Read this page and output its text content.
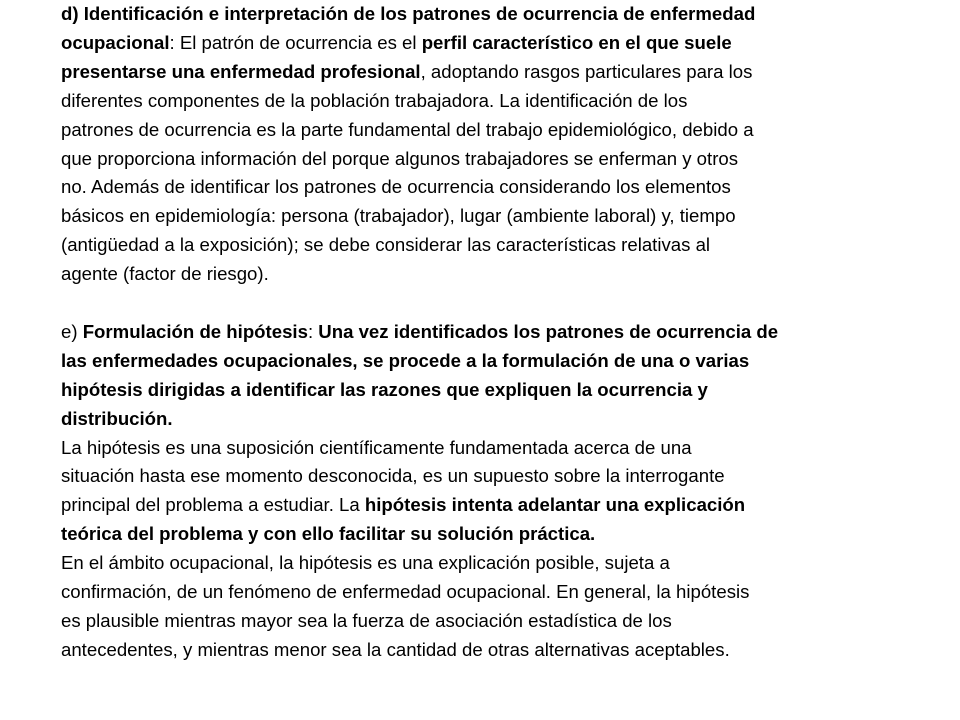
d) Identificación e interpretación de los patrones de ocurrencia de enfermedad
ocupacional: El patrón de ocurrencia es el perfil característico en el que suele
presentarse una enfermedad profesional, adoptando rasgos particulares para los
diferentes componentes de la población trabajadora. La identificación de los
patrones de ocurrencia es la parte fundamental del trabajo epidemiológico, debido a
que proporciona información del porque algunos trabajadores se enferman y otros
no. Además de identificar los patrones de ocurrencia considerando los elementos
básicos en epidemiología: persona (trabajador), lugar (ambiente laboral) y, tiempo
(antigüedad a la exposición); se debe considerar las características relativas al
agente (factor de riesgo).
e) Formulación de hipótesis: Una vez identificados los patrones de ocurrencia de
las enfermedades ocupacionales, se procede a la formulación de una o varias
hipótesis dirigidas a identificar las razones que expliquen la ocurrencia y
distribución.
La hipótesis es una suposición científicamente fundamentada acerca de una
situación hasta ese momento desconocida, es un supuesto sobre la interrogante
principal del problema a estudiar. La hipótesis intenta adelantar una explicación
teórica del problema y con ello facilitar su solución práctica.
En el ámbito ocupacional, la hipótesis es una explicación posible, sujeta a
confirmación, de un fenómeno de enfermedad ocupacional. En general, la hipótesis
es plausible mientras mayor sea la fuerza de asociación estadística de los
antecedentes, y mientras menor sea la cantidad de otras alternativas aceptables.
